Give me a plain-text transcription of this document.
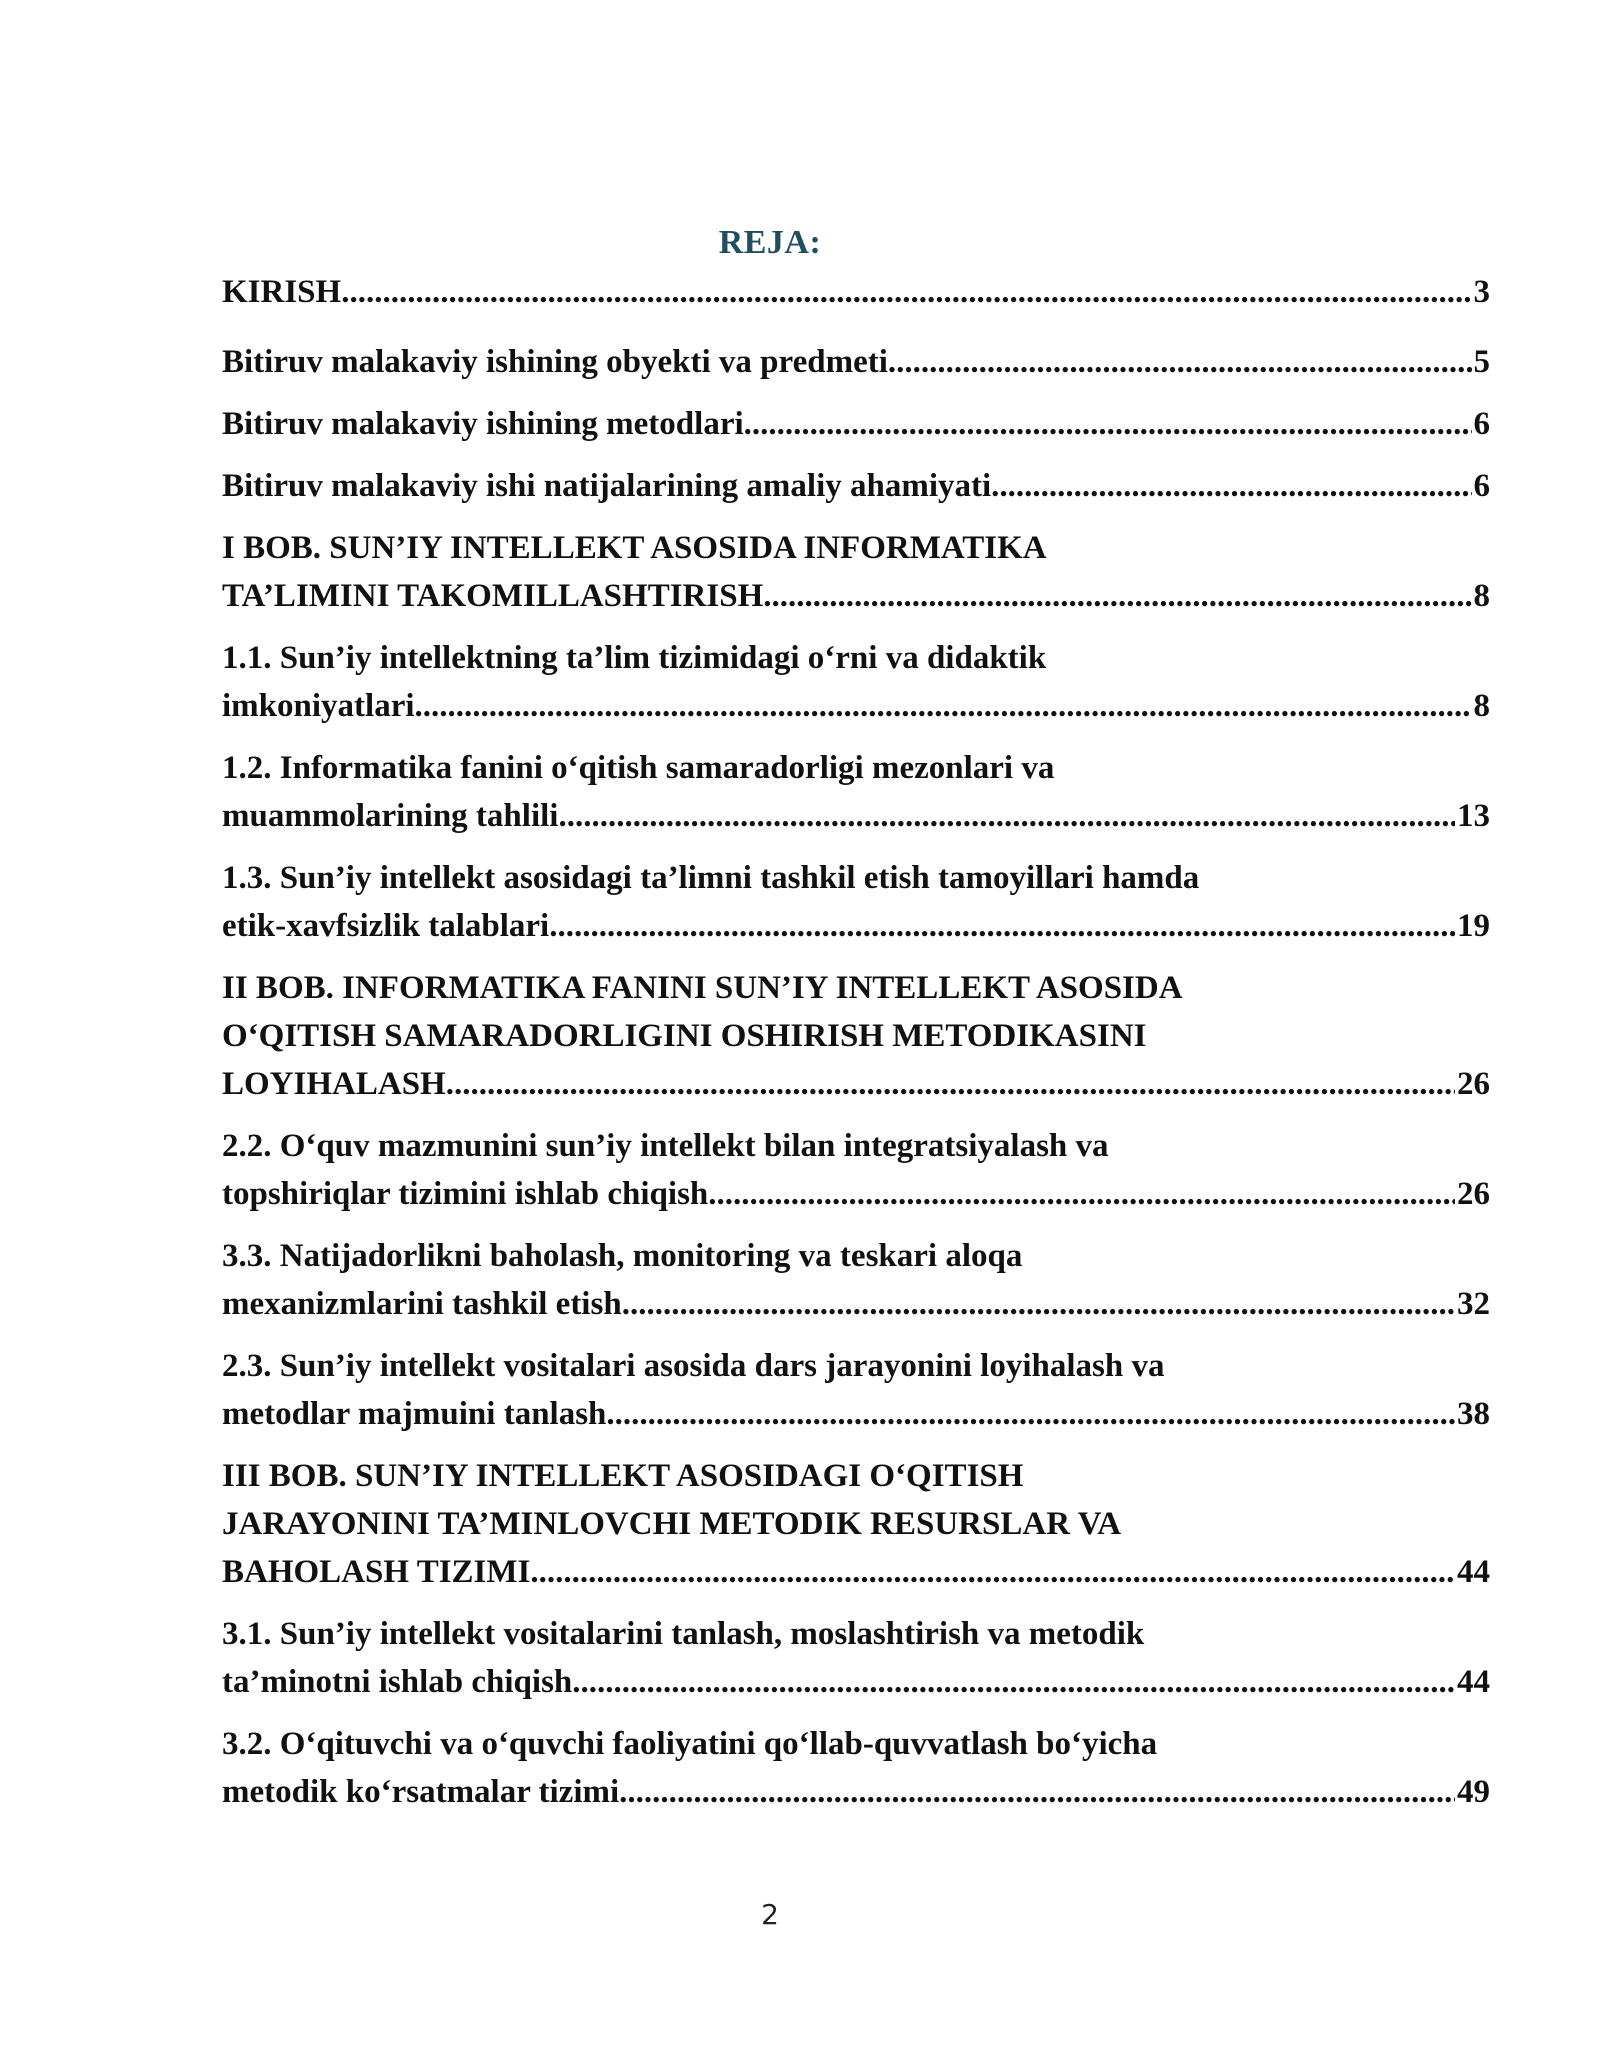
REJA:
KIRISH .....	3
Bitiruv malakaviy ishining obyekti va predmeti .....	5
Bitiruv malakaviy ishining metodlari .....	6
Bitiruv malakaviy ishi natijalarining amaliy ahamiyati .....	6
I BOB. SUN’IY INTELLEKT ASOSIDA INFORMATIKA
TA’LIMINI TAKOMILLASHTIRISH .....	8
1.1. Sun’iy intellektning ta’lim tizimidagi o‘rni va didaktik
imkoniyatlari .....	8
1.2. Informatika fanini o‘qitish samaradorligi mezonlari va
muammolarining tahlili .....	13
1.3. Sun’iy intellekt asosidagi ta’limni tashkil etish tamoyillari hamda
etik-xavfsizlik talablari .....	19
II BOB. INFORMATIKA FANINI SUN’IY INTELLEKT ASOSIDA
O‘QITISH SAMARADORLIGINI OSHIRISH METODIKASINI
LOYIHALASH .....	26
2.2. O‘quv mazmunini sun’iy intellekt bilan integratsiyalash va
topshiriqlar tizimini ishlab chiqish .....	26
3.3. Natijadorlikni baholash, monitoring va teskari aloqa
mexanizmlarini tashkil etish .....	32
2.3. Sun’iy intellekt vositalari asosida dars jarayonini loyihalash va
metodlar majmuini tanlash .....	38
III BOB. SUN’IY INTELLEKT ASOSIDAGI O‘QITISH
JARAYONINI TA’MINLOVCHI METODIK RESURSLAR VA
BAHOLASH TIZIMI .....	44
3.1. Sun’iy intellekt vositalarini tanlash, moslashtirish va metodik
ta’minotni ishlab chiqish .....	44
3.2. O‘qituvchi va o‘quvchi faoliyatini qo‘llab-quvvatlash bo‘yicha
metodik ko‘rsatmalar tizimi .....	49
2
